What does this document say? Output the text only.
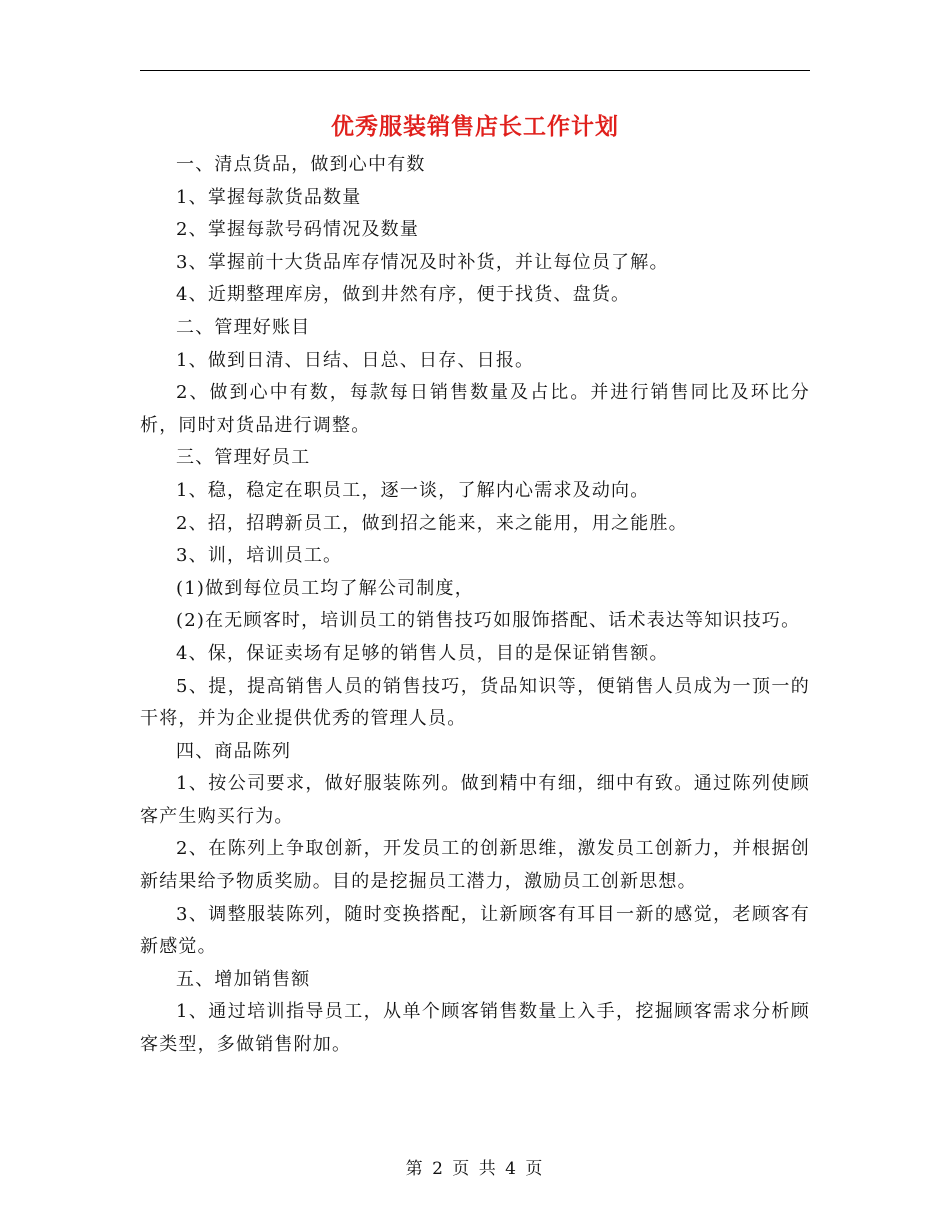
优秀服装销售店长工作计划

一、清点货品，做到心中有数

1、掌握每款货品数量

2、掌握每款号码情况及数量

3、掌握前十大货品库存情况及时补货，并让每位员了解。

4、近期整理库房，做到井然有序，便于找货、盘货。

二、管理好账目

1、做到日清、日结、日总、日存、日报。

2、做到心中有数，每款每日销售数量及占比。并进行销售同比及环比分析，同时对货品进行调整。

三、管理好员工

1、稳，稳定在职员工，逐一谈，了解内心需求及动向。

2、招，招聘新员工，做到招之能来，来之能用，用之能胜。

3、训，培训员工。

(1)做到每位员工均了解公司制度，

(2)在无顾客时，培训员工的销售技巧如服饰搭配、话术表达等知识技巧。

4、保，保证卖场有足够的销售人员，目的是保证销售额。

5、提，提高销售人员的销售技巧，货品知识等，便销售人员成为一顶一的干将，并为企业提供优秀的管理人员。

四、商品陈列

1、按公司要求，做好服装陈列。做到精中有细，细中有致。通过陈列使顾客产生购买行为。

2、在陈列上争取创新，开发员工的创新思维，激发员工创新力，并根据创新结果给予物质奖励。目的是挖掘员工潜力，激励员工创新思想。

3、调整服装陈列，随时变换搭配，让新顾客有耳目一新的感觉，老顾客有新感觉。

五、增加销售额

1、通过培训指导员工，从单个顾客销售数量上入手，挖掘顾客需求分析顾客类型，多做销售附加。

第 2 页 共 4 页
